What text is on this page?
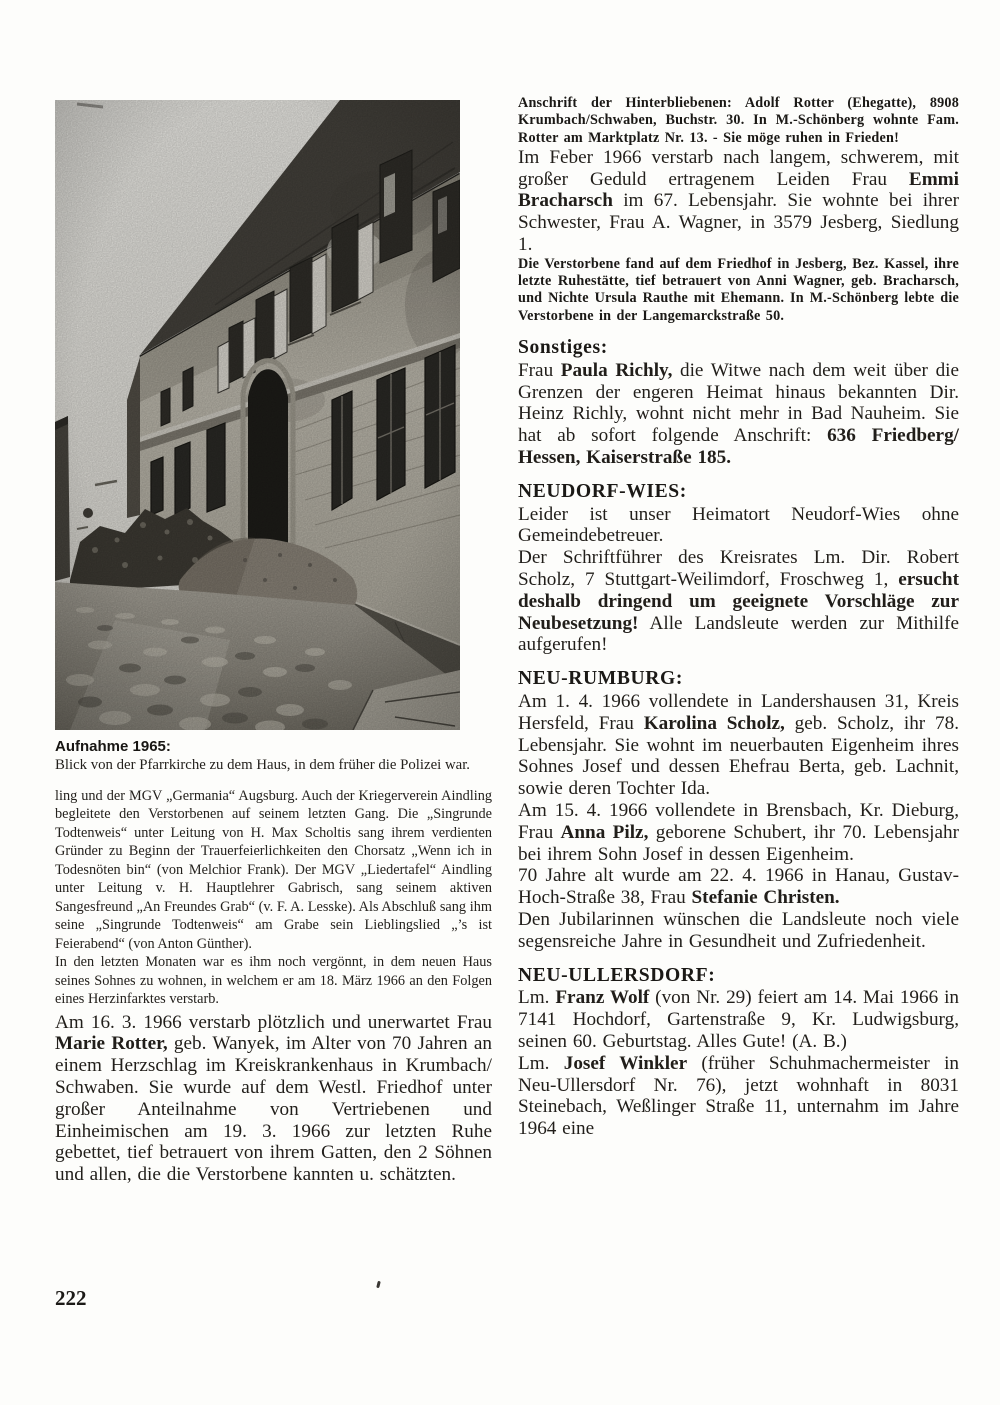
Aufnahme 1965:
Blick von der Pfarrkirche zu dem Haus, in dem früher die Polizei war.

ling und der MGV „Germania“ Augsburg. Auch der Kriegerverein Aindling begleitete den Verstorbenen auf seinem letzten Gang. Die „Singrunde Todtenweis“ unter Leitung von H. Max Scholtis sang ihrem verdienten Gründer zu Beginn der Trauerfeierlichkeiten den Chorsatz „Wenn ich in Todesnöten bin“ (von Melchior Frank). Der MGV „Liedertafel“ Aindling unter Leitung v. H. Hauptlehrer Gabrisch, sang seinem aktiven Sangesfreund „An Freundes Grab“ (v. F. A. Lesske). Als Abschluß sang ihm seine „Singrunde Todtenweis“ am Grabe sein Lieblingslied „’s ist Feierabend“ (von Anton Günther).

In den letzten Monaten war es ihm noch vergönnt, in dem neuen Haus seines Sohnes zu wohnen, in welchem er am 18. März 1966 an den Folgen eines Herzinfarktes verstarb.

Am 16. 3. 1966 verstarb plötzlich und unerwartet Frau Marie Rotter, geb. Wanyek, im Alter von 70 Jahren an einem Herzschlag im Kreiskrankenhaus in Krumbach/ Schwaben. Sie wurde auf dem Westl. Friedhof unter großer Anteilnahme von Vertriebenen und Einheimischen am 19. 3. 1966 zur letzten Ruhe gebettet, tief betrauert von ihrem Gatten, den 2 Söhnen und allen, die die Verstorbene kannten u. schätzten.

Anschrift der Hinterbliebenen: Adolf Rotter (Ehegatte), 8908 Krumbach/Schwaben, Buchstr. 30. In M.-Schönberg wohnte Fam. Rotter am Marktplatz Nr. 13. - Sie möge ruhen in Frieden!

Im Feber 1966 verstarb nach langem, schwerem, mit großer Geduld ertragenem Leiden Frau Emmi Bracharsch im 67. Lebensjahr. Sie wohnte bei ihrer Schwester, Frau A. Wagner, in 3579 Jesberg, Siedlung 1.

Die Verstorbene fand auf dem Friedhof in Jesberg, Bez. Kassel, ihre letzte Ruhestätte, tief betrauert von Anni Wagner, geb. Bracharsch, und Nichte Ursula Rauthe mit Ehemann. In M.-Schönberg lebte die Verstorbene in der Langemarckstraße 50.

Sonstiges:

Frau Paula Richly, die Witwe nach dem weit über die Grenzen der engeren Heimat hinaus bekannten Dir. Heinz Richly, wohnt nicht mehr in Bad Nauheim. Sie hat ab sofort folgende Anschrift: 636 Friedberg/ Hessen, Kaiserstraße 185.

NEUDORF-WIES:

Leider ist unser Heimatort Neudorf-Wies ohne Gemeindebetreuer.

Der Schriftführer des Kreisrates Lm. Dir. Robert Scholz, 7 Stuttgart-Weilimdorf, Froschweg 1, ersucht deshalb dringend um geeignete Vorschläge zur Neubesetzung! Alle Landsleute werden zur Mithilfe aufgerufen!

NEU-RUMBURG:

Am 1. 4. 1966 vollendete in Landershausen 31, Kreis Hersfeld, Frau Karolina Scholz, geb. Scholz, ihr 78. Lebensjahr. Sie wohnt im neuerbauten Eigenheim ihres Sohnes Josef und dessen Ehefrau Berta, geb. Lachnit, sowie deren Tochter Ida.

Am 15. 4. 1966 vollendete in Brensbach, Kr. Dieburg, Frau Anna Pilz, geborene Schubert, ihr 70. Lebensjahr bei ihrem Sohn Josef in dessen Eigenheim.

70 Jahre alt wurde am 22. 4. 1966 in Hanau, Gustav-Hoch-Straße 38, Frau Stefanie Christen.

Den Jubilarinnen wünschen die Landsleute noch viele segensreiche Jahre in Gesundheit und Zufriedenheit.

NEU-ULLERSDORF:

Lm. Franz Wolf (von Nr. 29) feiert am 14. Mai 1966 in 7141 Hochdorf, Gartenstraße 9, Kr. Ludwigsburg, seinen 60. Geburtstag. Alles Gute! (A. B.)

Lm. Josef Winkler (früher Schuhmachermeister in Neu-Ullersdorf Nr. 76), jetzt wohnhaft in 8031 Steinebach, Weßlinger Straße 11, unternahm im Jahre 1964 eine

222
